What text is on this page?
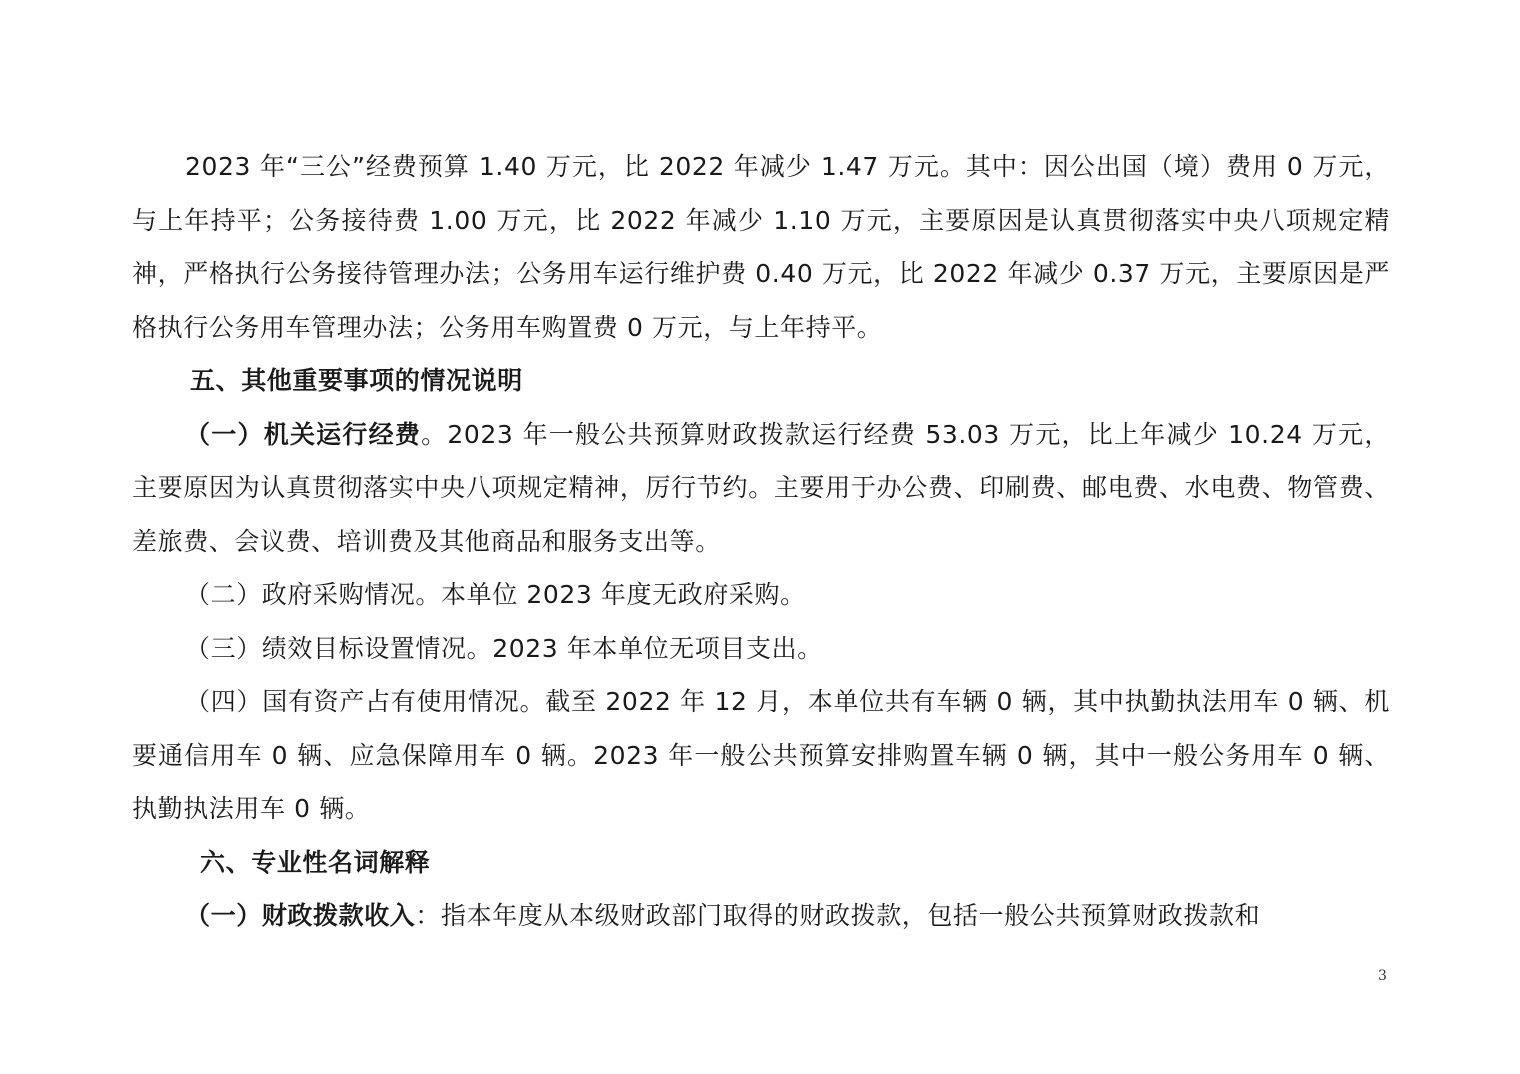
2023 年“三公”经费预算 1.40 万元，比 2022 年减少 1.47 万元。其中：因公出国（境）费用 0 万元，与上年持平；公务接待费 1.00 万元，比 2022 年减少 1.10 万元，主要原因是认真贯彻落实中央八项规定精神，严格执行公务接待管理办法；公务用车运行维护费 0.40 万元，比 2022 年减少 0.37 万元，主要原因是严格执行公务用车管理办法；公务用车购置费 0 万元，与上年持平。

五、其他重要事项的情况说明

（一）机关运行经费。2023 年一般公共预算财政拨款运行经费 53.03 万元，比上年减少 10.24 万元，主要原因为认真贯彻落实中央八项规定精神，厉行节约。主要用于办公费、印刷费、邮电费、水电费、物管费、差旅费、会议费、培训费及其他商品和服务支出等。

（二）政府采购情况。本单位 2023 年度无政府采购。

（三）绩效目标设置情况。2023 年本单位无项目支出。

（四）国有资产占有使用情况。截至 2022 年 12 月，本单位共有车辆 0 辆，其中执勤执法用车 0 辆、机要通信用车 0 辆、应急保障用车 0 辆。2023 年一般公共预算安排购置车辆 0 辆，其中一般公务用车 0 辆、执勤执法用车 0 辆。

六、专业性名词解释

（一）财政拨款收入：指本年度从本级财政部门取得的财政拨款，包括一般公共预算财政拨款和

3
